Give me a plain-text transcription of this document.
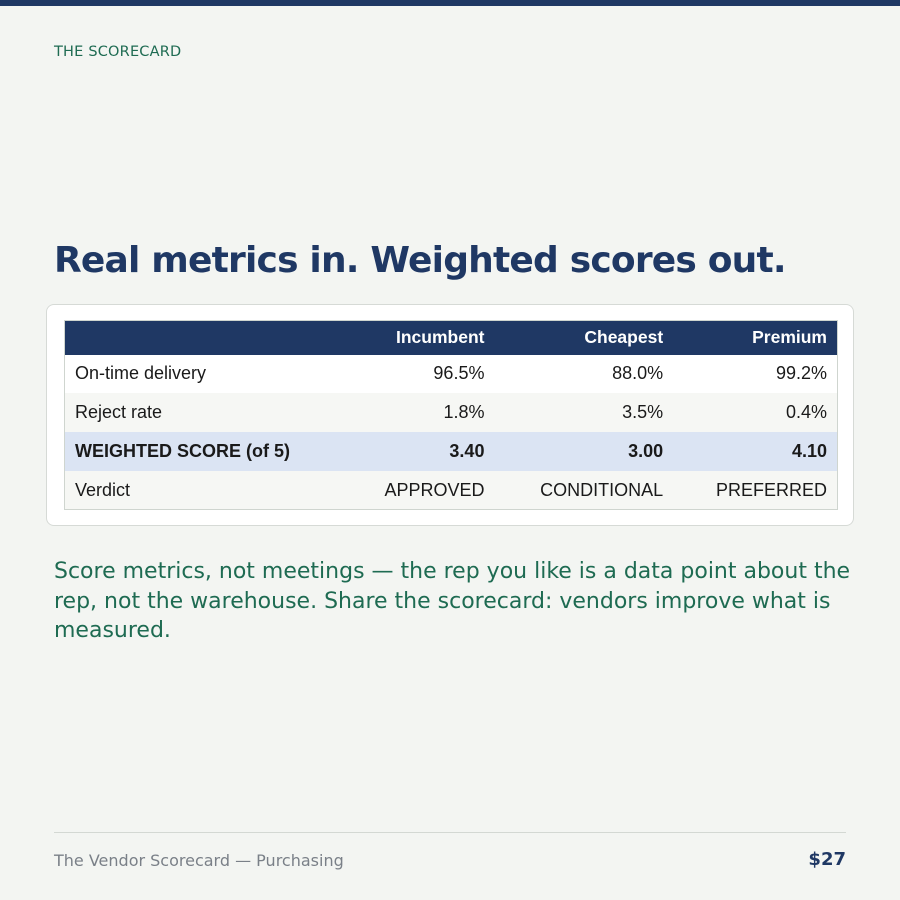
THE SCORECARD
Real metrics in. Weighted scores out.
	Incumbent	Cheapest	Premium
On-time delivery	96.5%	88.0%	99.2%
Reject rate	1.8%	3.5%	0.4%
WEIGHTED SCORE (of 5)	3.40	3.00	4.10
Verdict	APPROVED	CONDITIONAL	PREFERRED

Score metrics, not meetings — the rep you like is a data point about the rep, not the warehouse. Share the scorecard: vendors improve what is measured.

The Vendor Scorecard — Purchasing	$27
